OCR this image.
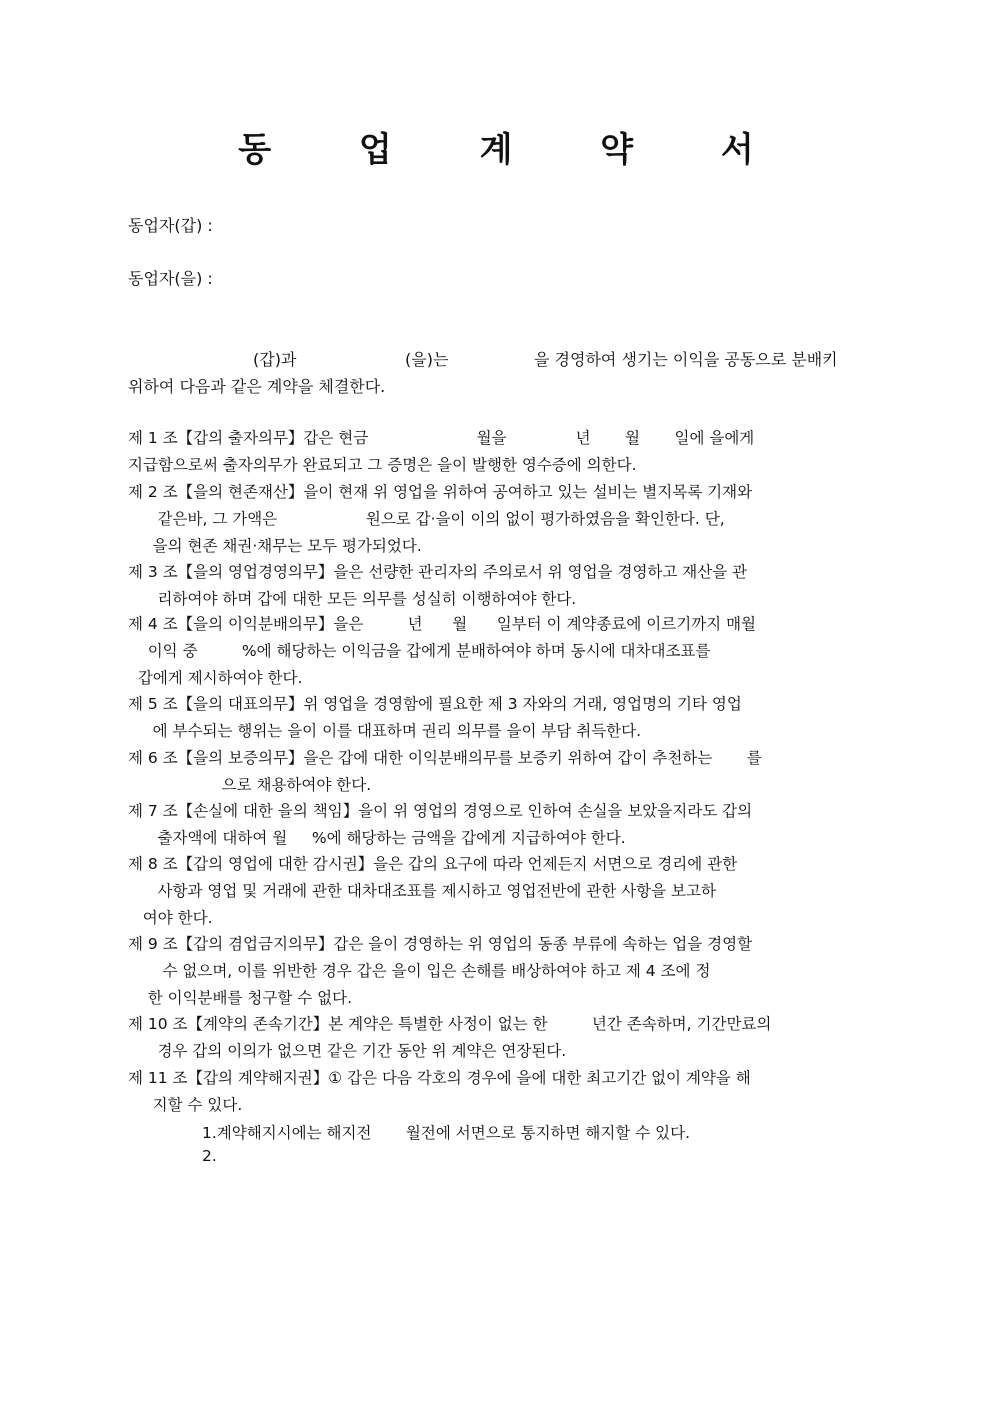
동 업 계 약 서
동업자(갑) :
동업자(을) :
(갑)과	(을)는	을 경영하여 생기는 이익을 공동으로 분배키
위하여 다음과 같은 계약을 체결한다.
제 1 조【갑의 출자의무】갑은 현금                      월을              년       월       일에 을에게
지급함으로써 출자의무가 완료되고 그 증명은 을이 발행한 영수증에 의한다.
제 2 조【을의 현존재산】을이 현재 위 영업을 위하여 공여하고 있는 설비는 별지목록 기재와
같은바, 그 가액은                  원으로 갑·을이 이의 없이 평가하였음을 확인한다. 단,
을의 현존 채권·채무는 모두 평가되었다.
제 3 조【을의 영업경영의무】을은 선량한 관리자의 주의로서 위 영업을 경영하고 재산을 관
리하여야 하며 갑에 대한 모든 의무를 성실히 이행하여야 한다.
제 4 조【을의 이익분배의무】을은         년      월      일부터 이 계약종료에 이르기까지 매월
이익 중         %에 해당하는 이익금을 갑에게 분배하여야 하며 동시에 대차대조표를
갑에게 제시하여야 한다.
제 5 조【을의 대표의무】위 영업을 경영함에 필요한 제 3 자와의 거래, 영업명의 기타 영업
에 부수되는 행위는 을이 이를 대표하며 권리 의무를 을이 부담 취득한다.
제 6 조【을의 보증의무】을은 갑에 대한 이익분배의무를 보증키 위하여 갑이 추천하는       를
으로 채용하여야 한다.
제 7 조【손실에 대한 을의 책임】을이 위 영업의 경영으로 인하여 손실을 보았을지라도 갑의
출자액에 대하여 월     %에 해당하는 금액을 갑에게 지급하여야 한다.
제 8 조【갑의 영업에 대한 감시권】을은 갑의 요구에 따라 언제든지 서면으로 경리에 관한
사항과 영업 및 거래에 관한 대차대조표를 제시하고 영업전반에 관한 사항을 보고하
여야 한다.
제 9 조【갑의 겸업금지의무】갑은 을이 경영하는 위 영업의 동종 부류에 속하는 업을 경영할
수 없으며, 이를 위반한 경우 갑은 을이 입은 손해를 배상하여야 하고 제 4 조에 정
한 이익분배를 청구할 수 없다.
제 10 조【계약의 존속기간】본 계약은 특별한 사정이 없는 한         년간 존속하며, 기간만료의
경우 갑의 이의가 없으면 같은 기간 동안 위 계약은 연장된다.
제 11 조【갑의 계약해지권】① 갑은 다음 각호의 경우에 을에 대한 최고기간 없이 계약을 해
지할 수 있다.
1.계약해지시에는 해지전       월전에 서면으로 통지하면 해지할 수 있다.
2.
